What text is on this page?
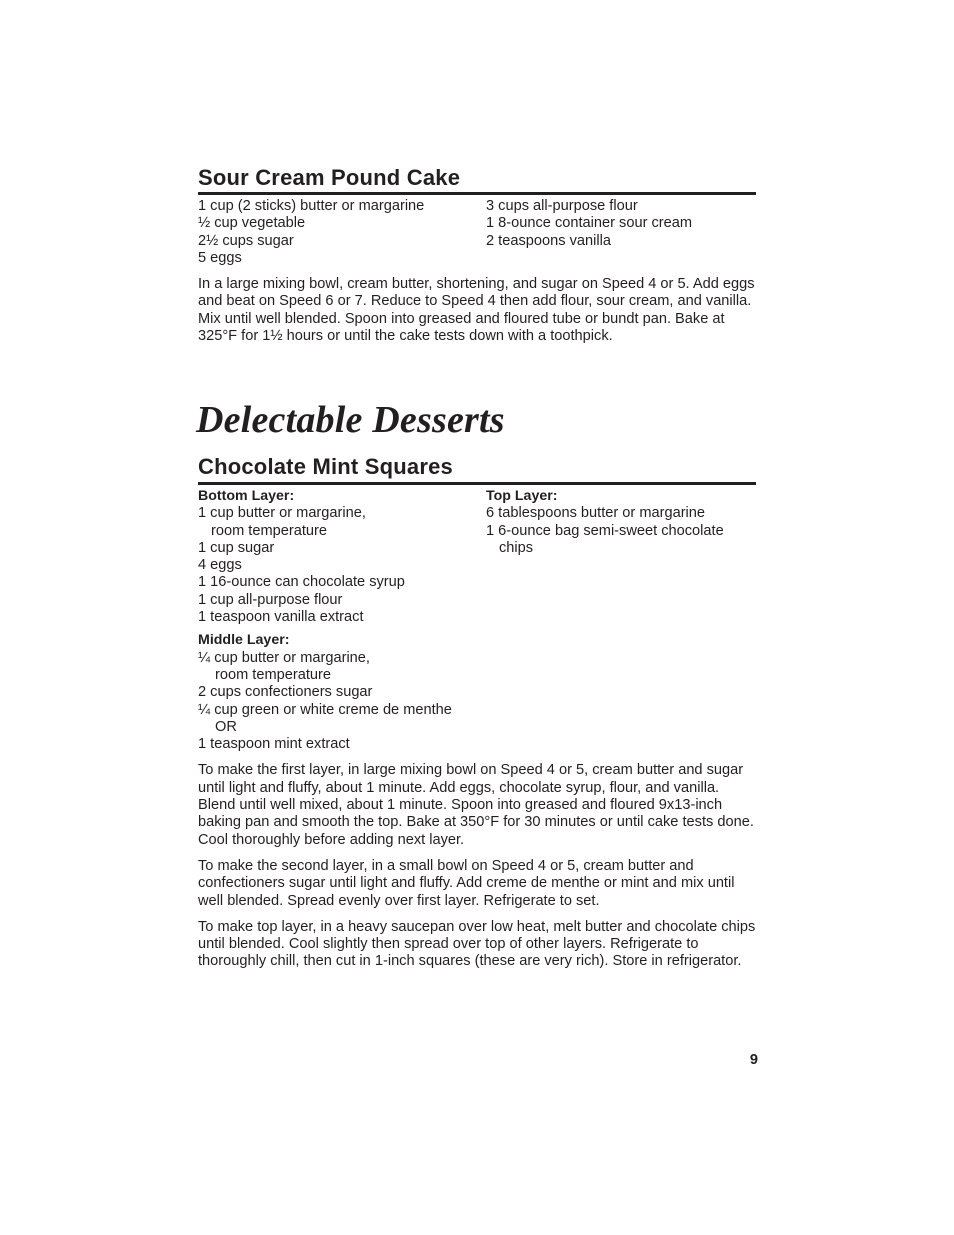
Sour Cream Pound Cake

1 cup (2 sticks) butter or margarine

½ cup vegetable

2½ cups sugar

5 eggs

3 cups all-purpose flour

1 8-ounce container sour cream

2 teaspoons vanilla

In a large mixing bowl, cream butter, shortening, and sugar on Speed 4 or 5. Add eggs and beat on Speed 6 or 7. Reduce to Speed 4 then add flour, sour cream, and vanilla. Mix until well blended. Spoon into greased and floured tube or bundt pan. Bake at 325°F for 1½ hours or until the cake tests down with a toothpick.

Delectable Desserts
Chocolate Mint Squares

Bottom Layer:

1 cup butter or margarine,

room temperature

1 cup sugar

4 eggs

1 16-ounce can chocolate syrup

1 cup all-purpose flour

1 teaspoon vanilla extract

Middle Layer:

¼ cup butter or margarine,

room temperature

2 cups confectioners sugar

¼ cup green or white creme de menthe

OR

1 teaspoon mint extract

Top Layer:

6 tablespoons butter or margarine

1 6-ounce bag semi-sweet chocolate

chips

To make the first layer, in large mixing bowl on Speed 4 or 5, cream butter and sugar until light and fluffy, about 1 minute. Add eggs, chocolate syrup, flour, and vanilla. Blend until well mixed, about 1 minute. Spoon into greased and floured 9x13-inch baking pan and smooth the top. Bake at 350°F for 30 minutes or until cake tests done. Cool thoroughly before adding next layer.

To make the second layer, in a small bowl on Speed 4 or 5, cream butter and confectioners sugar until light and fluffy. Add creme de menthe or mint and mix until well blended. Spread evenly over first layer. Refrigerate to set.

To make top layer, in a heavy saucepan over low heat, melt butter and chocolate chips until blended. Cool slightly then spread over top of other layers. Refrigerate to thoroughly chill, then cut in 1-inch squares (these are very rich). Store in refrigerator.

9
